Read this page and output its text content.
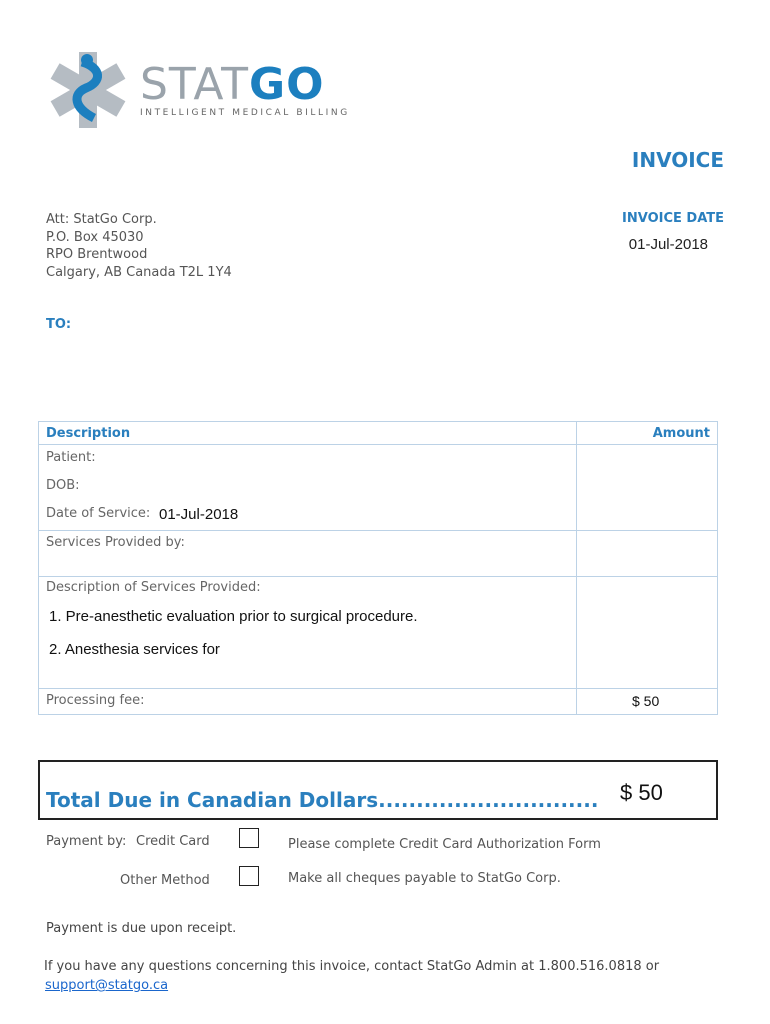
STATGO
INTELLIGENT MEDICAL BILLING
INVOICE
INVOICE DATE
01-Jul-2018
Att: StatGo Corp.
P.O. Box 45030
RPO Brentwood
Calgary, AB Canada T2L 1Y4
TO:
Description	Amount
Patient:
DOB:
Date of Service: 01-Jul-2018
Services Provided by:
Description of Services Provided:
1. Pre-anesthetic evaluation prior to surgical procedure.
2. Anesthesia services for
Processing fee:	$ 50
Total Due in Canadian Dollars............................. $ 50
Payment by: Credit Card	Please complete Credit Card Authorization Form
Other Method	Make all cheques payable to StatGo Corp.
Payment is due upon receipt.
If you have any questions concerning this invoice, contact StatGo Admin at 1.800.516.0818 or
support@statgo.ca
